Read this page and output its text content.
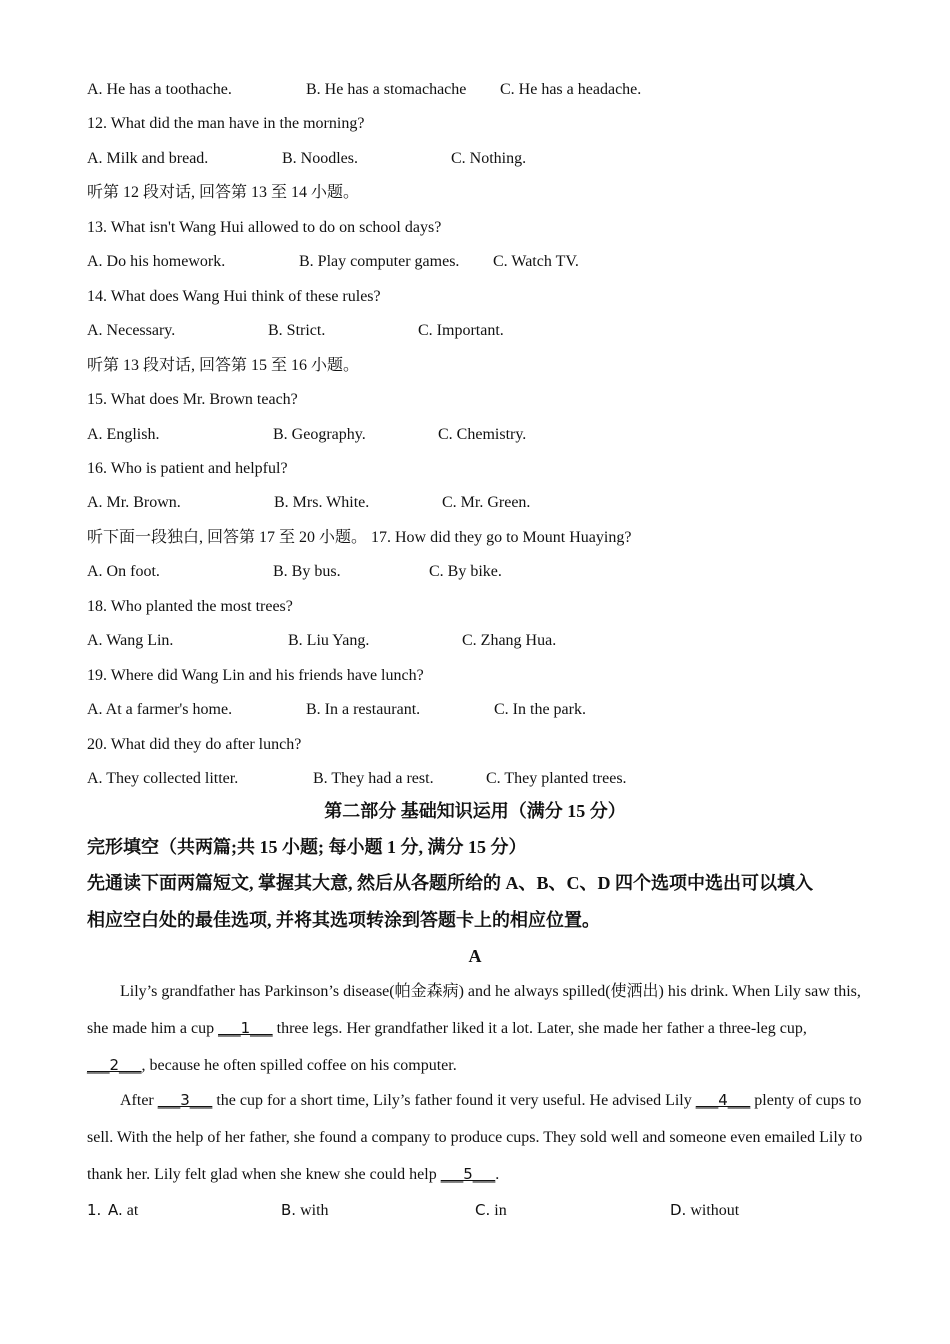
A. He has a toothache.	B. He has a stomachache C. He has a headache.
12. What did the man have in the morning?
A. Milk and bread.	B. Noodles.	C. Nothing.
听第 12 段对话, 回答第 13 至 14 小题。
13. What isn't Wang Hui allowed to do on school days?
A. Do his homework.	B. Play computer games. C. Watch TV.
14. What does Wang Hui think of these rules?
A. Necessary.	B. Strict.	C. Important.
听第 13 段对话, 回答第 15 至 16 小题。
15. What does Mr. Brown teach?
A. English.	B. Geography.	C. Chemistry.
16. Who is patient and helpful?
A. Mr. Brown.	B. Mrs. White.	C. Mr. Green.
听下面一段独白, 回答第 17 至 20 小题。 17. How did they go to Mount Huaying?
A. On foot.	B. By bus.	C. By bike.
18. Who planted the most trees?
A. Wang Lin.	B. Liu Yang.	C. Zhang Hua.
19. Where did Wang Lin and his friends have lunch?
A. At a farmer's home.	B. In a restaurant.	C. In the park.
20. What did they do after lunch?
A. They collected litter.	B. They had a rest.	C. They planted trees.
第二部分 基础知识运用（满分 15 分）
完形填空（共两篇;共 15 小题; 每小题 1 分, 满分 15 分）
先通读下面两篇短文, 掌握其大意, 然后从各题所给的 A、B、C、D 四个选项中选出可以填入
相应空白处的最佳选项, 并将其选项转涂到答题卡上的相应位置。
A
Lily’s grandfather has Parkinson’s disease(帕金森病) and he always spilled(使洒出) his drink. When Lily saw this, she made him a cup ___1___ three legs. Her grandfather liked it a lot. Later, she made her father a three-leg cup, ___2___, because he often spilled coffee on his computer.
After ___3___ the cup for a short time, Lily’s father found it very useful. He advised Lily ___4___ plenty of cups to sell. With the help of her father, she found a company to produce cups. They sold well and someone even emailed Lily to thank her. Lily felt glad when she knew she could help ___5___.
1. A. at	B. with	C. in	D. without
